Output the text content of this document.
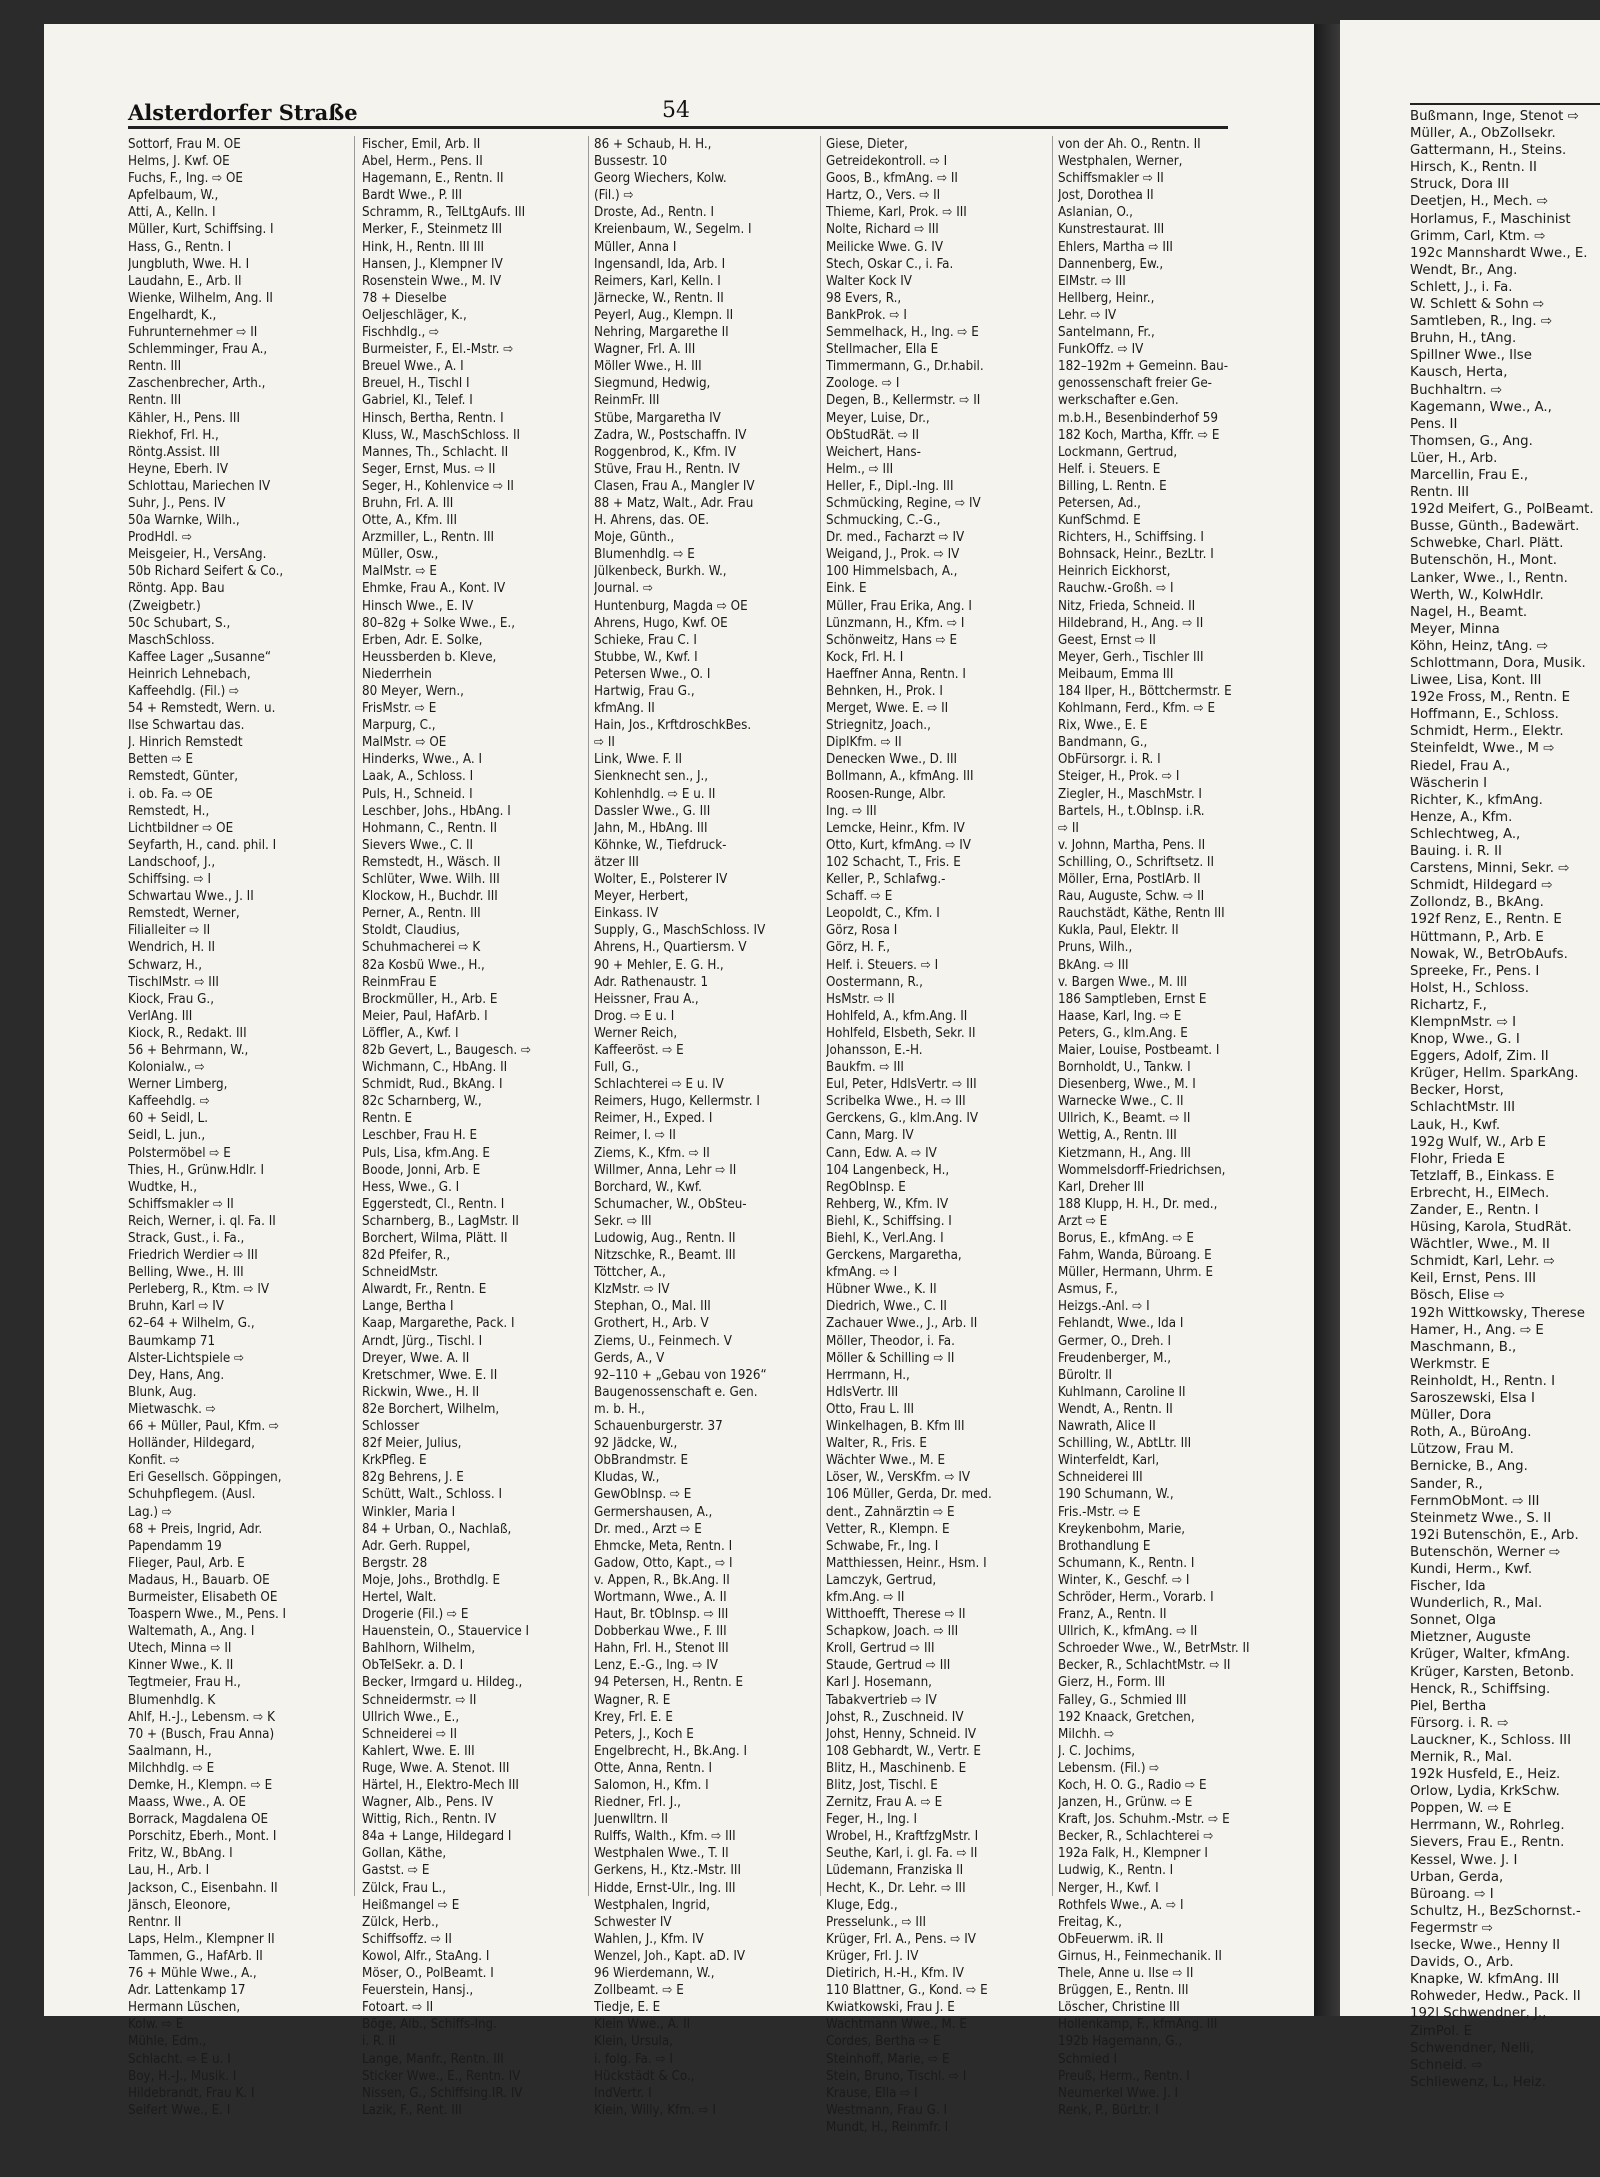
Alsterdorfer Straße	54
Sottorf, Frau M. OE
Helms, J. Kwf. OE
Fuchs, F., Ing. ⇨ OE
Apfelbaum, W.,
Atti, A., Kelln. I
Müller, Kurt, Schiffsing. I
Hass, G., Rentn. I
Jungbluth, Wwe. H. I
Laudahn, E., Arb. II
Wienke, Wilhelm, Ang. II
Engelhardt, K.,
Fuhrunternehmer ⇨ II
Schlemminger, Frau A.,
Rentn. III
Zaschenbrecher, Arth.,
Rentn. III
Kähler, H., Pens. III
Riekhof, Frl. H.,
Röntg.Assist. III
Heyne, Eberh. IV
Schlottau, Mariechen IV
Suhr, J., Pens. IV
50a Warnke, Wilh.,
ProdHdl. ⇨
Meisgeier, H., VersAng.
50b Richard Seifert & Co.,
Röntg. App. Bau
(Zweigbetr.)
50c Schubart, S.,
MaschSchloss.
Kaffee Lager „Susanne“
Heinrich Lehnebach,
Kaffeehdlg. (Fil.) ⇨
54 + Remstedt, Wern. u.
Ilse Schwartau das.
J. Hinrich Remstedt
Betten ⇨ E
Remstedt, Günter,
i. ob. Fa. ⇨ OE
Remstedt, H.,
Lichtbildner ⇨ OE
Seyfarth, H., cand. phil. I
Landschoof, J.,
Schiffsing. ⇨ I
Schwartau Wwe., J. II
Remstedt, Werner,
Filialleiter ⇨ II
Wendrich, H. II
Schwarz, H.,
TischlMstr. ⇨ III
Kiock, Frau G.,
VerlAng. III
Kiock, R., Redakt. III
56 + Behrmann, W.,
Kolonialw., ⇨
Werner Limberg,
Kaffeehdlg. ⇨
60 + Seidl, L.
Seidl, L. jun.,
Polstermöbel ⇨ E
Thies, H., Grünw.Hdlr. I
Wudtke, H.,
Schiffsmakler ⇨ II
Reich, Werner, i. ql. Fa. II
Strack, Gust., i. Fa.,
Friedrich Werdier ⇨ III
Belling, Wwe., H. III
Perleberg, R., Ktm. ⇨ IV
Bruhn, Karl ⇨ IV
62–64 + Wilhelm, G.,
Baumkamp 71
Alster-Lichtspiele ⇨
Dey, Hans, Ang.
Blunk, Aug.
Mietwaschk. ⇨
66 + Müller, Paul, Kfm. ⇨
Holländer, Hildegard,
Konfit. ⇨
Eri Gesellsch. Göppingen,
Schuhpflegem. (Ausl.
Lag.) ⇨
68 + Preis, Ingrid, Adr.
Papendamm 19
Flieger, Paul, Arb. E
Madaus, H., Bauarb. OE
Burmeister, Elisabeth OE
Toaspern Wwe., M., Pens. I
Waltemath, A., Ang. I
Utech, Minna ⇨ II
Kinner Wwe., K. II
Tegtmeier, Frau H.,
Blumenhdlg. K
Ahlf, H.-J., Lebensm. ⇨ K
70 + (Busch, Frau Anna)
Saalmann, H.,
Milchhdlg. ⇨ E
Demke, H., Klempn. ⇨ E
Maass, Wwe., A. OE
Borrack, Magdalena OE
Porschitz, Eberh., Mont. I
Fritz, W., BbAng. I
Lau, H., Arb. I
Jackson, C., Eisenbahn. II
Jänsch, Eleonore,
Rentnr. II
Laps, Helm., Klempner II
Tammen, G., HafArb. II
76 + Mühle Wwe., A.,
Adr. Lattenkamp 17
Hermann Lüschen,
Kolw. ⇨ E
Mühle, Edm.,
Schlacht. ⇨ E u. I
Boy, H.-J., Musik. I
Hildebrandt, Frau K. I
Seifert Wwe., E. I
Fischer, Emil, Arb. II
Abel, Herm., Pens. II
Hagemann, E., Rentn. II
Bardt Wwe., P. III
Schramm, R., TelLtgAufs. III
Merker, F., Steinmetz III
Hink, H., Rentn. III III
Hansen, J., Klempner IV
Rosenstein Wwe., M. IV
78 + Dieselbe
Oeljeschläger, K.,
Fischhdlg., ⇨
Burmeister, F., El.-Mstr. ⇨
Breuel Wwe., A. I
Breuel, H., Tischl I
Gabriel, Kl., Telef. I
Hinsch, Bertha, Rentn. I
Kluss, W., MaschSchloss. II
Mannes, Th., Schlacht. II
Seger, Ernst, Mus. ⇨ II
Seger, H., Kohlenvice ⇨ II
Bruhn, Frl. A. III
Otte, A., Kfm. III
Arzmiller, L., Rentn. III
Müller, Osw.,
MalMstr. ⇨ E
Ehmke, Frau A., Kont. IV
Hinsch Wwe., E. IV
80–82g + Solke Wwe., E.,
Erben, Adr. E. Solke,
Heussberden b. Kleve,
Niederrhein
80 Meyer, Wern.,
FrisMstr. ⇨ E
Marpurg, C.,
MalMstr. ⇨ OE
Hinderks, Wwe., A. I
Laak, A., Schloss. I
Puls, H., Schneid. I
Leschber, Johs., HbAng. I
Hohmann, C., Rentn. II
Sievers Wwe., C. II
Remstedt, H., Wäsch. II
Schlüter, Wwe. Wilh. III
Klockow, H., Buchdr. III
Perner, A., Rentn. III
Stoldt, Claudius,
Schuhmacherei ⇨ K
82a Kosbü Wwe., H.,
ReinmFrau E
Brockmüller, H., Arb. E
Meier, Paul, HafArb. I
Löffler, A., Kwf. I
82b Gevert, L., Baugesch. ⇨
Wichmann, C., HbAng. II
Schmidt, Rud., BkAng. I
82c Scharnberg, W.,
Rentn. E
Leschber, Frau H. E
Puls, Lisa, kfm.Ang. E
Boode, Jonni, Arb. E
Hess, Wwe., G. I
Eggerstedt, Cl., Rentn. I
Scharnberg, B., LagMstr. II
Borchert, Wilma, Plätt. II
82d Pfeifer, R.,
SchneidMstr.
Alwardt, Fr., Rentn. E
Lange, Bertha I
Kaap, Margarethe, Pack. I
Arndt, Jürg., Tischl. I
Dreyer, Wwe. A. II
Kretschmer, Wwe. E. II
Rickwin, Wwe., H. II
82e Borchert, Wilhelm,
Schlosser
82f Meier, Julius,
KrkPfleg. E
82g Behrens, J. E
Schütt, Walt., Schloss. I
Winkler, Maria I
84 + Urban, O., Nachlaß,
Adr. Gerh. Ruppel,
Bergstr. 28
Moje, Johs., Brothdlg. E
Hertel, Walt.
Drogerie (Fil.) ⇨ E
Hauenstein, O., Stauervice I
Bahlhorn, Wilhelm,
ObTelSekr. a. D. I
Becker, Irmgard u. Hildeg.,
Schneidermstr. ⇨ II
Ullrich Wwe., E.,
Schneiderei ⇨ II
Kahlert, Wwe. E. III
Ruge, Wwe. A. Stenot. III
Härtel, H., Elektro-Mech III
Wagner, Alb., Pens. IV
Wittig, Rich., Rentn. IV
84a + Lange, Hildegard I
Gollan, Käthe,
Gastst. ⇨ E
Zülck, Frau L.,
Heißmangel ⇨ E
Zülck, Herb.,
Schiffsoffz. ⇨ II
Kowol, Alfr., StaAng. I
Möser, O., PolBeamt. I
Feuerstein, Hansj.,
Fotoart. ⇨ II
Böge, Alb., Schiffs-Ing.
i. R. II
Lange, Manfr., Rentn. III
Sticker Wwe., E., Rentn. IV
Nissen, G., Schiffsing.IR. IV
Lazik, F., Rent. III
86 + Schaub, H. H.,
Bussestr. 10
Georg Wiechers, Kolw.
(Fil.) ⇨
Droste, Ad., Rentn. I
Kreienbaum, W., Segelm. I
Müller, Anna I
Ingensandl, Ida, Arb. I
Reimers, Karl, Kelln. I
Järnecke, W., Rentn. II
Peyerl, Aug., Klempn. II
Nehring, Margarethe II
Wagner, Frl. A. III
Möller Wwe., H. III
Siegmund, Hedwig,
ReinmFr. III
Stübe, Margaretha IV
Zadra, W., Postschaffn. IV
Roggenbrod, K., Kfm. IV
Stüve, Frau H., Rentn. IV
Clasen, Frau A., Mangler IV
88 + Matz, Walt., Adr. Frau
H. Ahrens, das. OE.
Moje, Günth.,
Blumenhdlg. ⇨ E
Jülkenbeck, Burkh. W.,
Journal. ⇨
Huntenburg, Magda ⇨ OE
Ahrens, Hugo, Kwf. OE
Schieke, Frau C. I
Stubbe, W., Kwf. I
Petersen Wwe., O. I
Hartwig, Frau G.,
kfmAng. II
Hain, Jos., KrftdroschkBes.
⇨ II
Link, Wwe. F. II
Sienknecht sen., J.,
Kohlenhdlg. ⇨ E u. II
Dassler Wwe., G. III
Jahn, M., HbAng. III
Köhnke, W., Tiefdruck-
ätzer III
Wolter, E., Polsterer IV
Meyer, Herbert,
Einkass. IV
Supply, G., MaschSchloss. IV
Ahrens, H., Quartiersm. V
90 + Mehler, E. G. H.,
Adr. Rathenaustr. 1
Heissner, Frau A.,
Drog. ⇨ E u. I
Werner Reich,
Kaffeeröst. ⇨ E
Full, G.,
Schlachterei ⇨ E u. IV
Reimers, Hugo, Kellermstr. I
Reimer, H., Exped. I
Reimer, I. ⇨ II
Ziems, K., Kfm. ⇨ II
Willmer, Anna, Lehr ⇨ II
Borchard, W., Kwf.
Schumacher, W., ObSteu-
Sekr. ⇨ III
Ludowig, Aug., Rentn. II
Nitzschke, R., Beamt. III
Töttcher, A.,
KlzMstr. ⇨ IV
Stephan, O., Mal. III
Grothert, H., Arb. V
Ziems, U., Feinmech. V
Gerds, A., V
92–110 + „Gebau von 1926“
Baugenossenschaft e. Gen.
m. b. H.,
Schauenburgerstr. 37
92 Jädcke, W.,
ObBrandmstr. E
Kludas, W.,
GewObInsp. ⇨ E
Germershausen, A.,
Dr. med., Arzt ⇨ E
Ehmcke, Meta, Rentn. I
Gadow, Otto, Kapt., ⇨ I
v. Appen, R., Bk.Ang. II
Wortmann, Wwe., A. II
Haut, Br. tObInsp. ⇨ III
Dobberkau Wwe., F. III
Hahn, Frl. H., Stenot III
Lenz, E.-G., Ing. ⇨ IV
94 Petersen, H., Rentn. E
Wagner, R. E
Krey, Frl. E. E
Peters, J., Koch E
Engelbrecht, H., Bk.Ang. I
Otte, Anna, Rentn. I
Salomon, H., Kfm. I
Riedner, Frl. J.,
Juenwlltrn. II
Rulffs, Walth., Kfm. ⇨ III
Westphalen Wwe., T. II
Gerkens, H., Ktz.-Mstr. III
Hidde, Ernst-Ulr., Ing. III
Westphalen, Ingrid,
Schwester IV
Wahlen, J., Kfm. IV
Wenzel, Joh., Kapt. aD. IV
96 Wierdemann, W.,
Zollbeamt. ⇨ E
Tiedje, E. E
Klein Wwe., A. II
Klein, Ursula,
i. folg. Fa. ⇨ I
Hückstädt & Co.,
IndVertr. I
Klein, Willy, Kfm. ⇨ I
Giese, Dieter,
Getreidekontroll. ⇨ I
Goos, B., kfmAng. ⇨ II
Hartz, O., Vers. ⇨ II
Thieme, Karl, Prok. ⇨ III
Nolte, Richard ⇨ III
Meilicke Wwe. G. IV
Stech, Oskar C., i. Fa.
Walter Kock IV
98 Evers, R.,
BankProk. ⇨ I
Semmelhack, H., Ing. ⇨ E
Stellmacher, Ella E
Timmermann, G., Dr.habil.
Zoologe. ⇨ I
Degen, B., Kellermstr. ⇨ II
Meyer, Luise, Dr.,
ObStudRät. ⇨ II
Weichert, Hans-
Helm., ⇨ III
Heller, F., Dipl.-Ing. III
Schmücking, Regine, ⇨ IV
Schmucking, C.-G.,
Dr. med., Facharzt ⇨ IV
Weigand, J., Prok. ⇨ IV
100 Himmelsbach, A.,
Eink. E
Müller, Frau Erika, Ang. I
Lünzmann, H., Kfm. ⇨ I
Schönweitz, Hans ⇨ E
Kock, Frl. H. I
Haeffner Anna, Rentn. I
Behnken, H., Prok. I
Merget, Wwe. E. ⇨ II
Striegnitz, Joach.,
DiplKfm. ⇨ II
Denecken Wwe., D. III
Bollmann, A., kfmAng. III
Roosen-Runge, Albr.
Ing. ⇨ III
Lemcke, Heinr., Kfm. IV
Otto, Kurt, kfmAng. ⇨ IV
102 Schacht, T., Fris. E
Keller, P., Schlafwg.-
Schaff. ⇨ E
Leopoldt, C., Kfm. I
Görz, Rosa I
Görz, H. F.,
Helf. i. Steuers. ⇨ I
Oostermann, R.,
HsMstr. ⇨ II
Hohlfeld, A., kfm.Ang. II
Hohlfeld, Elsbeth, Sekr. II
Johansson, E.-H.
Baukfm. ⇨ III
Eul, Peter, HdlsVertr. ⇨ III
Scribelka Wwe., H. ⇨ III
Gerckens, G., klm.Ang. IV
Cann, Marg. IV
Cann, Edw. A. ⇨ IV
104 Langenbeck, H.,
RegObInsp. E
Rehberg, W., Kfm. IV
Biehl, K., Schiffsing. I
Biehl, K., Verl.Ang. I
Gerckens, Margaretha,
kfmAng. ⇨ I
Hübner Wwe., K. II
Diedrich, Wwe., C. II
Zachauer Wwe., J., Arb. II
Möller, Theodor, i. Fa.
Möller & Schilling ⇨ II
Herrmann, H.,
HdlsVertr. III
Otto, Frau L. III
Winkelhagen, B. Kfm III
Walter, R., Fris. E
Wächter Wwe., M. E
Löser, W., VersKfm. ⇨ IV
106 Müller, Gerda, Dr. med.
dent., Zahnärztin ⇨ E
Vetter, R., Klempn. E
Schwabe, Fr., Ing. I
Matthiessen, Heinr., Hsm. I
Lamczyk, Gertrud,
kfm.Ang. ⇨ II
Witthoefft, Therese ⇨ II
Schapkow, Joach. ⇨ III
Kroll, Gertrud ⇨ III
Staude, Gertrud ⇨ III
Karl J. Hosemann,
Tabakvertrieb ⇨ IV
Johst, R., Zuschneid. IV
Johst, Henny, Schneid. IV
108 Gebhardt, W., Vertr. E
Blitz, H., Maschinenb. E
Blitz, Jost, Tischl. E
Zernitz, Frau A. ⇨ E
Feger, H., Ing. I
Wrobel, H., KraftfzgMstr. I
Seuthe, Karl, i. gl. Fa. ⇨ II
Lüdemann, Franziska II
Hecht, K., Dr. Lehr. ⇨ III
Kluge, Edg.,
Presselunk., ⇨ III
Krüger, Frl. A., Pens. ⇨ IV
Krüger, Frl. J. IV
Dietirich, H.-H., Kfm. IV
110 Blattner, G., Kond. ⇨ E
Kwiatkowski, Frau J. E
Wachtmann Wwe., M. E
Cordes, Bertha ⇨ E
Steinhoff, Marie, ⇨ E
Stein, Bruno, Tischl. ⇨ I
Krause, Ella ⇨ I
Westmann, Frau G. I
Mundt, H., Reinmfr. I
von der Ah. O., Rentn. II
Westphalen, Werner,
Schiffsmakler ⇨ II
Jost, Dorothea II
Aslanian, O.,
Kunstrestaurat. III
Ehlers, Martha ⇨ III
Dannenberg, Ew.,
ElMstr. ⇨ III
Hellberg, Heinr.,
Lehr. ⇨ IV
Santelmann, Fr.,
FunkOffz. ⇨ IV
182–192m + Gemeinn. Bau-
genossenschaft freier Ge-
werkschafter e.Gen.
m.b.H., Besenbinderhof 59
182 Koch, Martha, Kffr. ⇨ E
Lockmann, Gertrud,
Helf. i. Steuers. E
Billing, L. Rentn. E
Petersen, Ad.,
KunfSchmd. E
Richters, H., Schiffsing. I
Bohnsack, Heinr., BezLtr. I
Heinrich Eickhorst,
Rauchw.-Großh. ⇨ I
Nitz, Frieda, Schneid. II
Hildebrand, H., Ang. ⇨ II
Geest, Ernst ⇨ II
Meyer, Gerh., Tischler III
Meibaum, Emma III
184 Ilper, H., Böttchermstr. E
Kohlmann, Ferd., Kfm. ⇨ E
Rix, Wwe., E. E
Bandmann, G.,
ObFürsorgr. i. R. I
Steiger, H., Prok. ⇨ I
Ziegler, H., MaschMstr. I
Bartels, H., t.ObInsp. i.R.
⇨ II
v. Johnn, Martha, Pens. II
Schilling, O., Schriftsetz. II
Möller, Erna, PostlArb. II
Rau, Auguste, Schw. ⇨ II
Rauchstädt, Käthe, Rentn III
Kukla, Paul, Elektr. II
Pruns, Wilh.,
BkAng. ⇨ III
v. Bargen Wwe., M. III
186 Samptleben, Ernst E
Haase, Karl, Ing. ⇨ E
Peters, G., klm.Ang. E
Maier, Louise, Postbeamt. I
Bornholdt, U., Tankw. I
Diesenberg, Wwe., M. I
Warnecke Wwe., C. II
Ullrich, K., Beamt. ⇨ II
Wettig, A., Rentn. III
Kietzmann, H., Ang. III
Wommelsdorff-Friedrichsen,
Karl, Dreher III
188 Klupp, H. H., Dr. med.,
Arzt ⇨ E
Borus, E., kfmAng. ⇨ E
Fahm, Wanda, Büroang. E
Müller, Hermann, Uhrm. E
Asmus, F.,
Heizgs.-Anl. ⇨ I
Fehlandt, Wwe., Ida I
Germer, O., Dreh. I
Freudenberger, M.,
Büroltr. II
Kuhlmann, Caroline II
Wendt, A., Rentn. II
Nawrath, Alice II
Schilling, W., AbtLtr. III
Winterfeldt, Karl,
Schneiderei III
190 Schumann, W.,
Fris.-Mstr. ⇨ E
Kreykenbohm, Marie,
Brothandlung E
Schumann, K., Rentn. I
Winter, K., Geschf. ⇨ I
Schröder, Herm., Vorarb. I
Franz, A., Rentn. II
Ullrich, K., kfmAng. ⇨ II
Schroeder Wwe., W., BetrMstr. II
Becker, R., SchlachtMstr. ⇨ II
Gierz, H., Form. III
Falley, G., Schmied III
192 Knaack, Gretchen,
Milchh. ⇨
J. C. Jochims,
Lebensm. (Fil.) ⇨
Koch, H. O. G., Radio ⇨ E
Janzen, H., Grünw. ⇨ E
Kraft, Jos. Schuhm.-Mstr. ⇨ E
Becker, R., Schlachterei ⇨
192a Falk, H., Klempner I
Ludwig, K., Rentn. I
Nerger, H., Kwf. I
Rothfels Wwe., A. ⇨ I
Freitag, K.,
ObFeuerwm. iR. II
Girnus, H., Feinmechanik. II
Thele, Anne u. Ilse ⇨ II
Brüggen, E., Rentn. III
Löscher, Christine III
Hollenkamp, F., kfmAng. III
192b Hagemann, G.,
Schmied I
Preuß, Herm., Rentn. I
Neumerkel Wwe. J. I
Renk, P., BürLtr. I
Bußmann, Inge, Stenot ⇨
Müller, A., ObZollsekr.
Gattermann, H., Steins.
Hirsch, K., Rentn. II
Struck, Dora III
Deetjen, H., Mech. ⇨
Horlamus, F., Maschinist
Grimm, Carl, Ktm. ⇨
192c Mannshardt Wwe., E.
Wendt, Br., Ang.
Schlett, J., i. Fa.
W. Schlett & Sohn ⇨
Samtleben, R., Ing. ⇨
Bruhn, H., tAng.
Spillner Wwe., Ilse
Kausch, Herta,
Buchhaltrn. ⇨
Kagemann, Wwe., A.,
Pens. II
Thomsen, G., Ang.
Lüer, H., Arb.
Marcellin, Frau E.,
Rentn. III
192d Meifert, G., PolBeamt.
Busse, Günth., Badewärt.
Schwebke, Charl. Plätt.
Butenschön, H., Mont.
Lanker, Wwe., I., Rentn.
Werth, W., KolwHdlr.
Nagel, H., Beamt.
Meyer, Minna
Köhn, Heinz, tAng. ⇨
Schlottmann, Dora, Musik.
Liwee, Lisa, Kont. III
192e Fross, M., Rentn. E
Hoffmann, E., Schloss.
Schmidt, Herm., Elektr.
Steinfeldt, Wwe., M ⇨
Riedel, Frau A.,
Wäscherin I
Richter, K., kfmAng.
Henze, A., Kfm.
Schlechtweg, A.,
Bauing. i. R. II
Carstens, Minni, Sekr. ⇨
Schmidt, Hildegard ⇨
Zollondz, B., BkAng.
192f Renz, E., Rentn. E
Hüttmann, P., Arb. E
Nowak, W., BetrObAufs.
Spreeke, Fr., Pens. I
Holst, H., Schloss.
Richartz, F.,
KlempnMstr. ⇨ I
Knop, Wwe., G. I
Eggers, Adolf, Zim. II
Krüger, Hellm. SparkAng.
Becker, Horst,
SchlachtMstr. III
Lauk, H., Kwf.
192g Wulf, W., Arb E
Flohr, Frieda E
Tetzlaff, B., Einkass. E
Erbrecht, H., ElMech.
Zander, E., Rentn. I
Hüsing, Karola, StudRät.
Wächtler, Wwe., M. II
Schmidt, Karl, Lehr. ⇨
Keil, Ernst, Pens. III
Bösch, Elise ⇨
192h Wittkowsky, Therese
Hamer, H., Ang. ⇨ E
Maschmann, B.,
Werkmstr. E
Reinholdt, H., Rentn. I
Saroszewski, Elsa I
Müller, Dora
Roth, A., BüroAng.
Lützow, Frau M.
Bernicke, B., Ang.
Sander, R.,
FernmObMont. ⇨ III
Steinmetz Wwe., S. II
192i Butenschön, E., Arb.
Butenschön, Werner ⇨
Kundi, Herm., Kwf.
Fischer, Ida
Wunderlich, R., Mal.
Sonnet, Olga
Mietzner, Auguste
Krüger, Walter, kfmAng.
Krüger, Karsten, Betonb.
Henck, R., Schiffsing.
Piel, Bertha
Fürsorg. i. R. ⇨
Lauckner, K., Schloss. III
Mernik, R., Mal.
192k Husfeld, E., Heiz.
Orlow, Lydia, KrkSchw.
Poppen, W. ⇨ E
Herrmann, W., Rohrleg.
Sievers, Frau E., Rentn.
Kessel, Wwe. J. I
Urban, Gerda,
Büroang. ⇨ I
Schultz, H., BezSchornst.-
Fegermstr ⇨
Isecke, Wwe., Henny II
Davids, O., Arb.
Knapke, W. kfmAng. III
Rohweder, Hedw., Pack. II
192l Schwendner, J.,
ZimPol. E
Schwendner, Nelli,
Schneid. ⇨
Schliewenz, L., Heiz.
